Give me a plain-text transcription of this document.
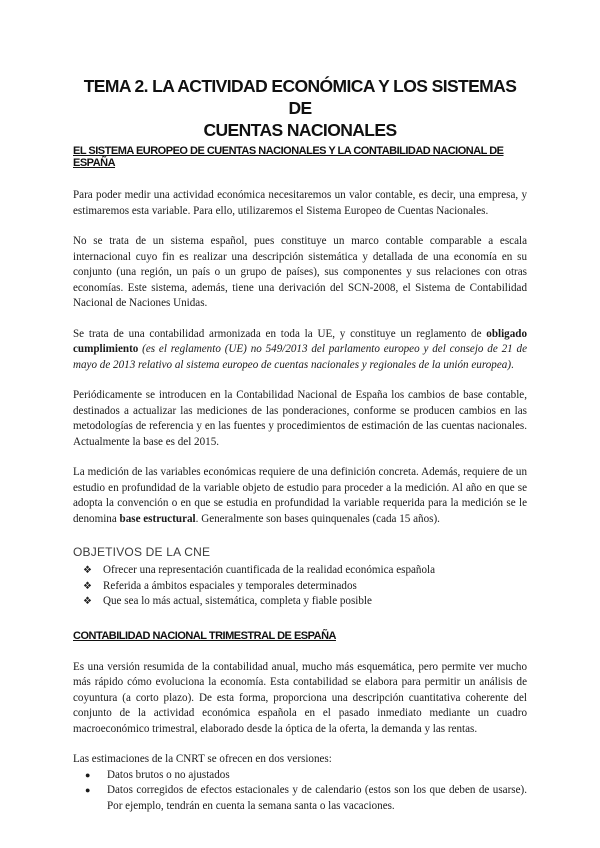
TEMA 2. LA ACTIVIDAD ECONÓMICA Y LOS SISTEMAS DE
CUENTAS NACIONALES
EL SISTEMA EUROPEO DE CUENTAS NACIONALES Y LA CONTABILIDAD NACIONAL DE ESPAÑA

Para poder medir una actividad económica necesitaremos un valor contable, es decir, una empresa, y estimaremos esta variable. Para ello, utilizaremos el Sistema Europeo de Cuentas Nacionales.

No se trata de un sistema español, pues constituye un marco contable comparable a escala internacional cuyo fin es realizar una descripción sistemática y detallada de una economía en su conjunto (una región, un país o un grupo de países), sus componentes y sus relaciones con otras economías. Este sistema, además, tiene una derivación del SCN-2008, el Sistema de Contabilidad Nacional de Naciones Unidas.

Se trata de una contabilidad armonizada en toda la UE, y constituye un reglamento de obligado cumplimiento (es el reglamento (UE) no 549/2013 del parlamento europeo y del consejo de 21 de mayo de 2013 relativo al sistema europeo de cuentas nacionales y regionales de la unión europea).

Periódicamente se introducen en la Contabilidad Nacional de España los cambios de base contable, destinados a actualizar las mediciones de las ponderaciones, conforme se producen cambios en las metodologías de referencia y en las fuentes y procedimientos de estimación de las cuentas nacionales. Actualmente la base es del 2015.

La medición de las variables económicas requiere de una definición concreta. Además, requiere de un estudio en profundidad de la variable objeto de estudio para proceder a la medición. Al año en que se adopta la convención o en que se estudia en profundidad la variable requerida para la medición se le denomina base estructural. Generalmente son bases quinquenales (cada 15 años).

OBJETIVOS DE LA CNE
❖ Ofrecer una representación cuantificada de la realidad económica española
❖ Referida a ámbitos espaciales y temporales determinados
❖ Que sea lo más actual, sistemática, completa y fiable posible
CONTABILIDAD NACIONAL TRIMESTRAL DE ESPAÑA

Es una versión resumida de la contabilidad anual, mucho más esquemática, pero permite ver mucho más rápido cómo evoluciona la economía. Esta contabilidad se elabora para permitir un análisis de coyuntura (a corto plazo). De esta forma, proporciona una descripción cuantitativa coherente del conjunto de la actividad económica española en el pasado inmediato mediante un cuadro macroeconómico trimestral, elaborado desde la óptica de la oferta, la demanda y las rentas.

Las estimaciones de la CNRT se ofrecen en dos versiones:

● Datos brutos o no ajustados
● Datos corregidos de efectos estacionales y de calendario (estos son los que deben de usarse). Por ejemplo, tendrán en cuenta la semana santa o las vacaciones.
